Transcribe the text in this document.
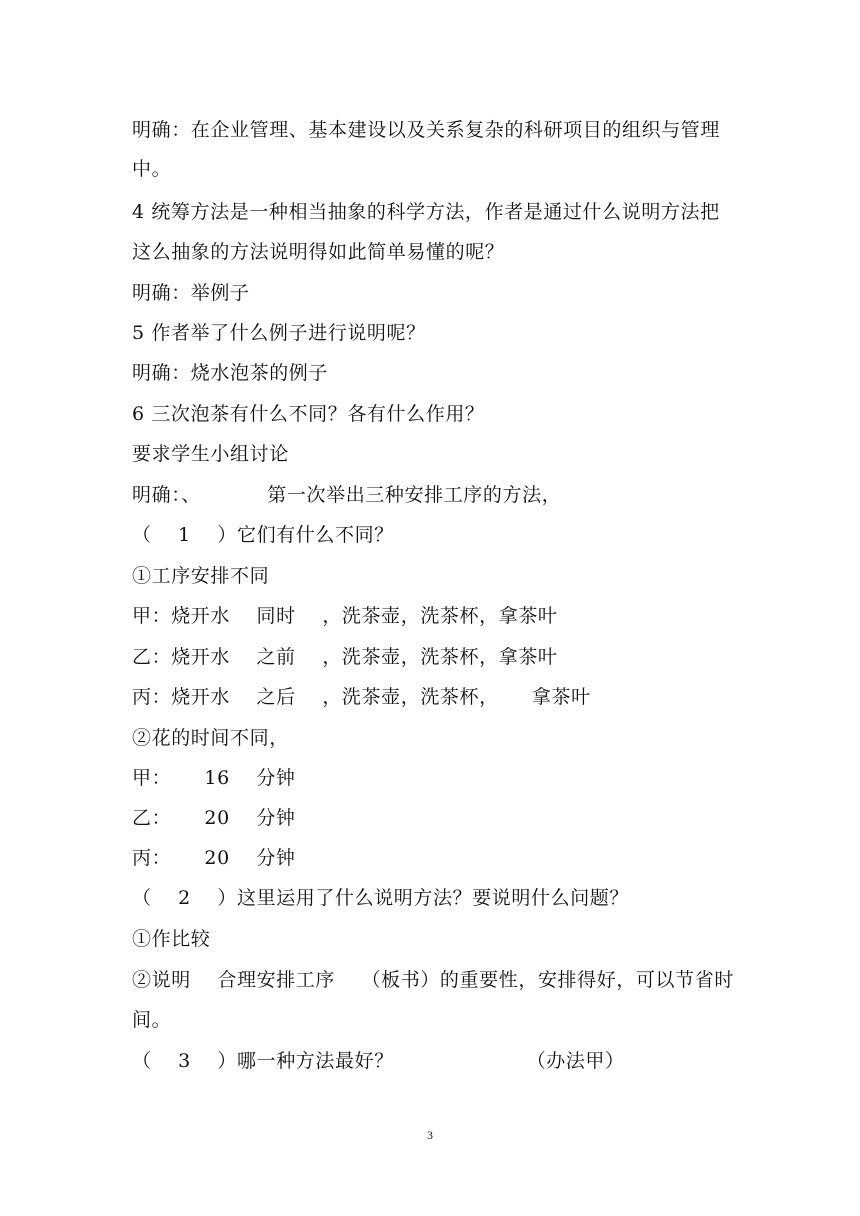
明确：在企业管理、基本建设以及关系复杂的科研项目的组织与管理
中。
4 统筹方法是一种相当抽象的科学方法，作者是通过什么说明方法把
这么抽象的方法说明得如此简单易懂的呢？
明确：举例子
5 作者举了什么例子进行说明呢？
明确：烧水泡茶的例子
6 三次泡茶有什么不同？各有什么作用？
要求学生小组讨论
明确：、          第一次举出三种安排工序的方法，
（    1    ）它们有什么不同？
①工序安排不同
甲：烧开水    同时    ，洗茶壶，洗茶杯，拿茶叶
乙：烧开水    之前    ，洗茶壶，洗茶杯，拿茶叶
丙：烧开水    之后    ，洗茶壶，洗茶杯，     拿茶叶
②花的时间不同，
甲：     16    分钟
乙：     20    分钟
丙：     20    分钟
（    2    ）这里运用了什么说明方法？要说明什么问题？
①作比较
②说明    合理安排工序    （板书）的重要性，安排得好，可以节省时
间。
（    3    ）哪一种方法最好？                    （办法甲）
3
